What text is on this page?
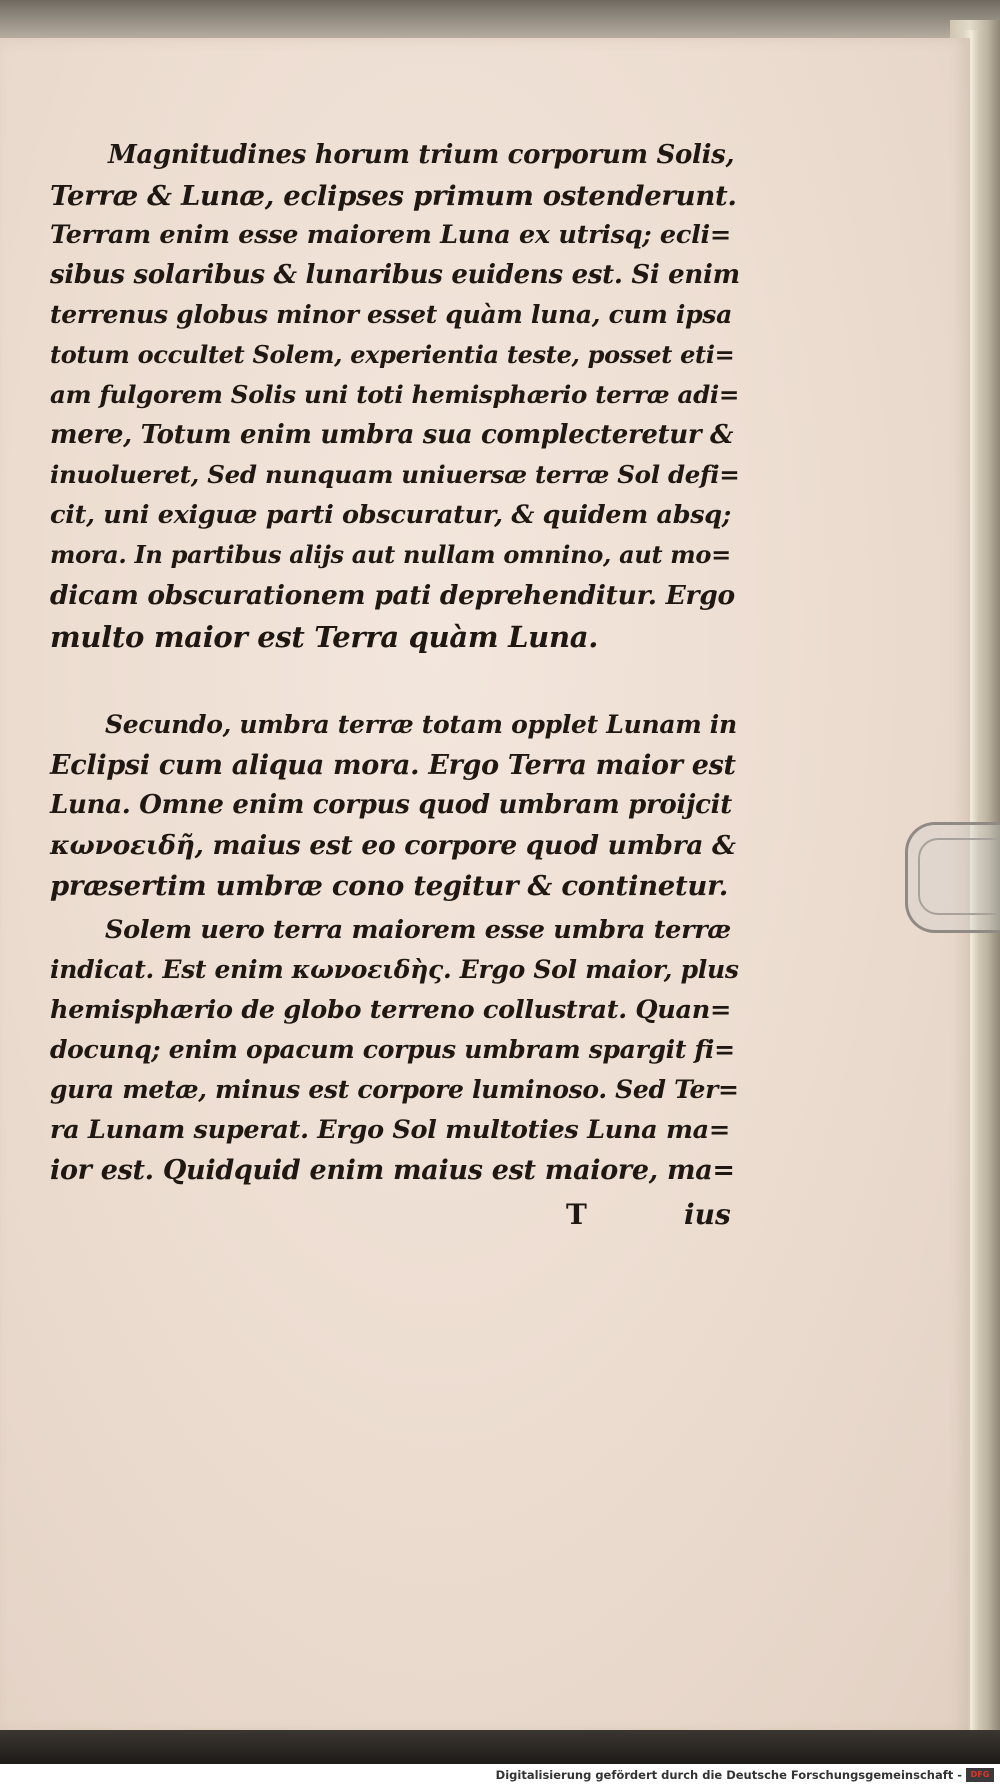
Magnitudines horum trium corporum Solis,
Terræ & Lunæ, eclipses primum ostenderunt.
Terram enim esse maiorem Luna ex utrisq; ecli=
sibus solaribus & lunaribus euidens est. Si enim
terrenus globus minor esset quàm luna, cum ipsa
totum occultet Solem, experientia teste, posset eti=
am fulgorem Solis uni toti hemisphærio terræ adi=
mere, Totum enim umbra sua complecteretur &
inuolueret, Sed nunquam uniuersæ terræ Sol defi=
cit, uni exiguæ parti obscuratur, & quidem absq;
mora. In partibus alijs aut nullam omnino, aut mo=
dicam obscurationem pati deprehenditur. Ergo
multo maior est Terra quàm Luna.
Secundo, umbra terræ totam opplet Lunam in
Eclipsi cum aliqua mora. Ergo Terra maior est
Luna. Omne enim corpus quod umbram proijcit
κωνοειδῆ, maius est eo corpore quod umbra &
præsertim umbræ cono tegitur & continetur.
Solem uero terra maiorem esse umbra terræ
indicat. Est enim κωνοειδὴς. Ergo Sol maior, plus
hemisphærio de globo terreno collustrat. Quan=
docunq; enim opacum corpus umbram spargit fi=
gura metæ, minus est corpore luminoso. Sed Ter=
ra Lunam superat. Ergo Sol multoties Luna ma=
ior est. Quidquid enim maius est maiore, ma=
T	ius
Digitalisierung gefördert durch die Deutsche Forschungsgemeinschaft -	DFG
